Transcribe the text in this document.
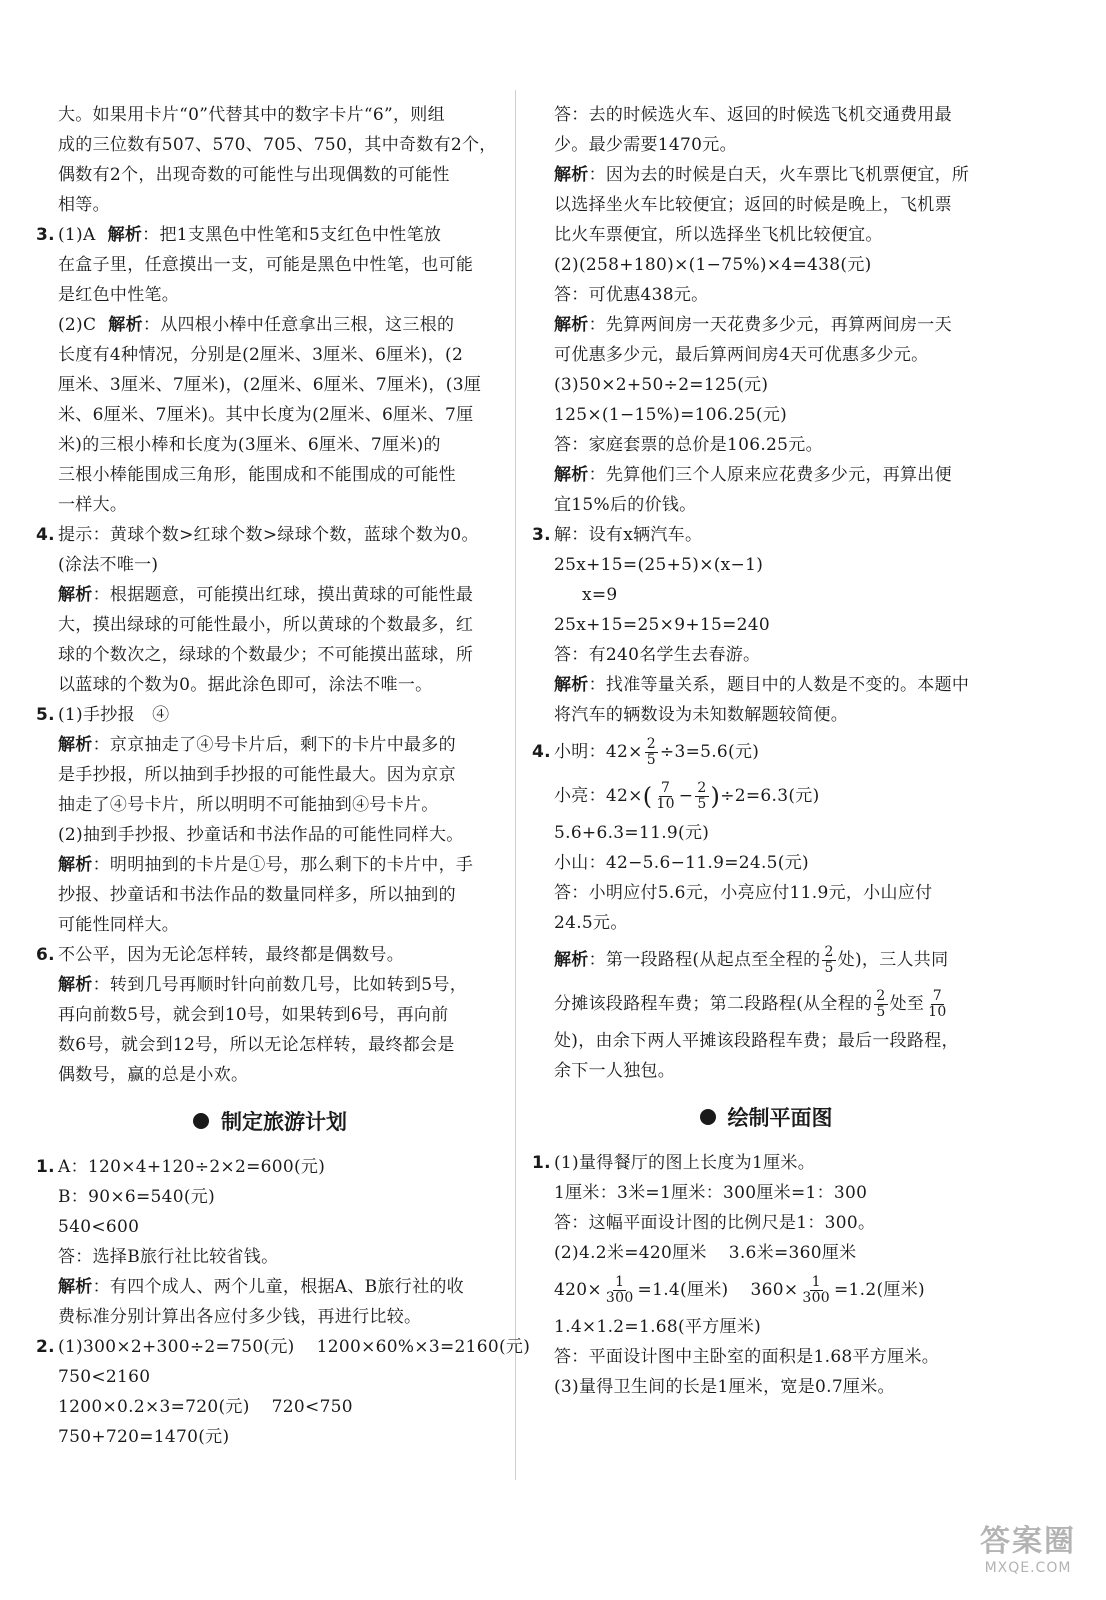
大。如果用卡片“0”代替其中的数字卡片“6”，则组
成的三位数有507、570、705、750，其中奇数有2个，
偶数有2个，出现奇数的可能性与出现偶数的可能性
相等。
3. (1)A 解析：把1支黑色中性笔和5支红色中性笔放
在盒子里，任意摸出一支，可能是黑色中性笔，也可能
是红色中性笔。
(2)C 解析：从四根小棒中任意拿出三根，这三根的
长度有4种情况，分别是(2厘米、3厘米、6厘米)，(2
厘米、3厘米、7厘米)，(2厘米、6厘米、7厘米)，(3厘
米、6厘米、7厘米)。其中长度为(2厘米、6厘米、7厘
米)的三根小棒和长度为(3厘米、6厘米、7厘米)的
三根小棒能围成三角形，能围成和不能围成的可能性
一样大。
4. 提示：黄球个数>红球个数>绿球个数，蓝球个数为0。
(涂法不唯一)
解析：根据题意，可能摸出红球，摸出黄球的可能性最
大，摸出绿球的可能性最小，所以黄球的个数最多，红
球的个数次之，绿球的个数最少；不可能摸出蓝球，所
以蓝球的个数为0。据此涂色即可，涂法不唯一。
5. (1)手抄报　④
解析：京京抽走了④号卡片后，剩下的卡片中最多的
是手抄报，所以抽到手抄报的可能性最大。因为京京
抽走了④号卡片，所以明明不可能抽到④号卡片。
(2)抽到手抄报、抄童话和书法作品的可能性同样大。
解析：明明抽到的卡片是①号，那么剩下的卡片中，手
抄报、抄童话和书法作品的数量同样多，所以抽到的
可能性同样大。
6. 不公平，因为无论怎样转，最终都是偶数号。
解析：转到几号再顺时针向前数几号，比如转到5号，
再向前数5号，就会到10号，如果转到6号，再向前
数6号，就会到12号，所以无论怎样转，最终都会是
偶数号，赢的总是小欢。
制定旅游计划
1. A：120×4+120÷2×2=600(元)
B：90×6=540(元)
540<600
答：选择B旅行社比较省钱。
解析：有四个成人、两个儿童，根据A、B旅行社的收
费标准分别计算出各应付多少钱，再进行比较。
2. (1)300×2+300÷2=750(元) 1200×60%×3=2160(元)
750<2160
1200×0.2×3=720(元) 720<750
750+720=1470(元)
答：去的时候选火车、返回的时候选飞机交通费用最
少。最少需要1470元。
解析：因为去的时候是白天，火车票比飞机票便宜，所
以选择坐火车比较便宜；返回的时候是晚上，飞机票
比火车票便宜，所以选择坐飞机比较便宜。
(2)(258+180)×(1−75%)×4=438(元)
答：可优惠438元。
解析：先算两间房一天花费多少元，再算两间房一天
可优惠多少元，最后算两间房4天可优惠多少元。
(3)50×2+50÷2=125(元)
125×(1−15%)=106.25(元)
答：家庭套票的总价是106.25元。
解析：先算他们三个人原来应花费多少元，再算出便
宜15%后的价钱。
3. 解：设有x辆汽车。
25x+15=(25+5)×(x−1)
x=9
25x+15=25×9+15=240
答：有240名学生去春游。
解析：找准等量关系，题目中的人数是不变的。本题中
将汽车的辆数设为未知数解题较简便。
4. 小明：$42\times \frac{2}{5} \div 3=5.6$(元)
小亮：$42\times( \frac{7}{10} - \frac{2}{5} )\div 2=6.3$(元)
5.6+6.3=11.9(元)
小山：42−5.6−11.9=24.5(元)
答：小明应付5.6元，小亮应付11.9元，小山应付
24.5元。
解析：第一段路程(从起点至全程的 $\frac{2}{5}$ 处)，三人共同
分摊该段路程车费；第二段路程(从全程的 $\frac{2}{5}$ 处至 $\frac{7}{10}$
处)，由余下两人平摊该段路程车费；最后一段路程，
余下一人独包。
绘制平面图
1. (1)量得餐厅的图上长度为1厘米。
1厘米：3米=1厘米：300厘米=1：300
答：这幅平面设计图的比例尺是1：300。
(2)4.2米=420厘米 3.6米=360厘米
$420\times \frac{1}{300} =1.4$(厘米) $360\times \frac{1}{300} =1.2$(厘米)
1.4×1.2=1.68(平方厘米)
答：平面设计图中主卧室的面积是1.68平方厘米。
(3)量得卫生间的长是1厘米，宽是0.7厘米。
答案圈
MXQE.COM
